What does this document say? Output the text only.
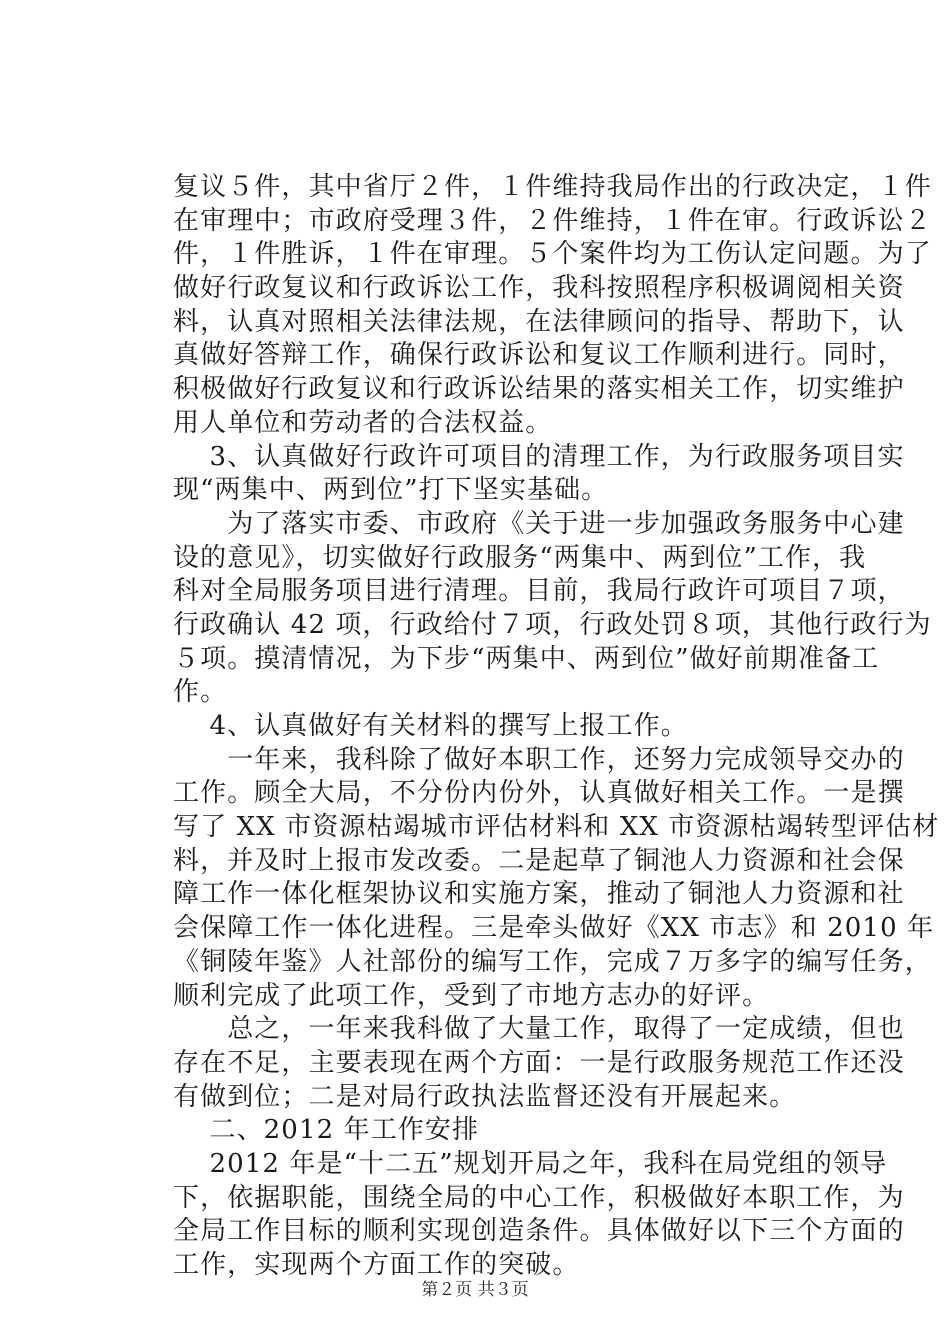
复议５件，其中省厅２件，１件维持我局作出的行政决定，１件
在审理中；市政府受理３件，２件维持，１件在审。行政诉讼２
件，１件胜诉，１件在审理。５个案件均为工伤认定问题。为了
做好行政复议和行政诉讼工作，我科按照程序积极调阅相关资
料，认真对照相关法律法规，在法律顾问的指导、帮助下，认
真做好答辩工作，确保行政诉讼和复议工作顺利进行。同时，
积极做好行政复议和行政诉讼结果的落实相关工作，切实维护
用人单位和劳动者的合法权益。
　 3、认真做好行政许可项目的清理工作，为行政服务项目实
现“两集中、两到位”打下坚实基础。
　　为了落实市委、市政府《关于进一步加强政务服务中心建
设的意见》，切实做好行政服务“两集中、两到位”工作，我
科对全局服务项目进行清理。目前，我局行政许可项目７项，
行政确认 42 项，行政给付７项，行政处罚８项，其他行政行为
５项。摸清情况，为下步“两集中、两到位”做好前期准备工
作。
　 4、认真做好有关材料的撰写上报工作。
　　一年来，我科除了做好本职工作，还努力完成领导交办的
工作。顾全大局，不分份内份外，认真做好相关工作。一是撰
写了 XX 市资源枯竭城市评估材料和 XX 市资源枯竭转型评估材
料，并及时上报市发改委。二是起草了铜池人力资源和社会保
障工作一体化框架协议和实施方案，推动了铜池人力资源和社
会保障工作一体化进程。三是牵头做好《XX 市志》和 2010 年
《铜陵年鉴》人社部份的编写工作，完成７万多字的编写任务，
顺利完成了此项工作，受到了市地方志办的好评。
　　总之，一年来我科做了大量工作，取得了一定成绩，但也
存在不足，主要表现在两个方面：一是行政服务规范工作还没
有做到位；二是对局行政执法监督还没有开展起来。
　 二、2012 年工作安排
　 2012 年是“十二五”规划开局之年，我科在局党组的领导
下，依据职能，围绕全局的中心工作，积极做好本职工作，为
全局工作目标的顺利实现创造条件。具体做好以下三个方面的
工作，实现两个方面工作的突破。
第２页 共３页
